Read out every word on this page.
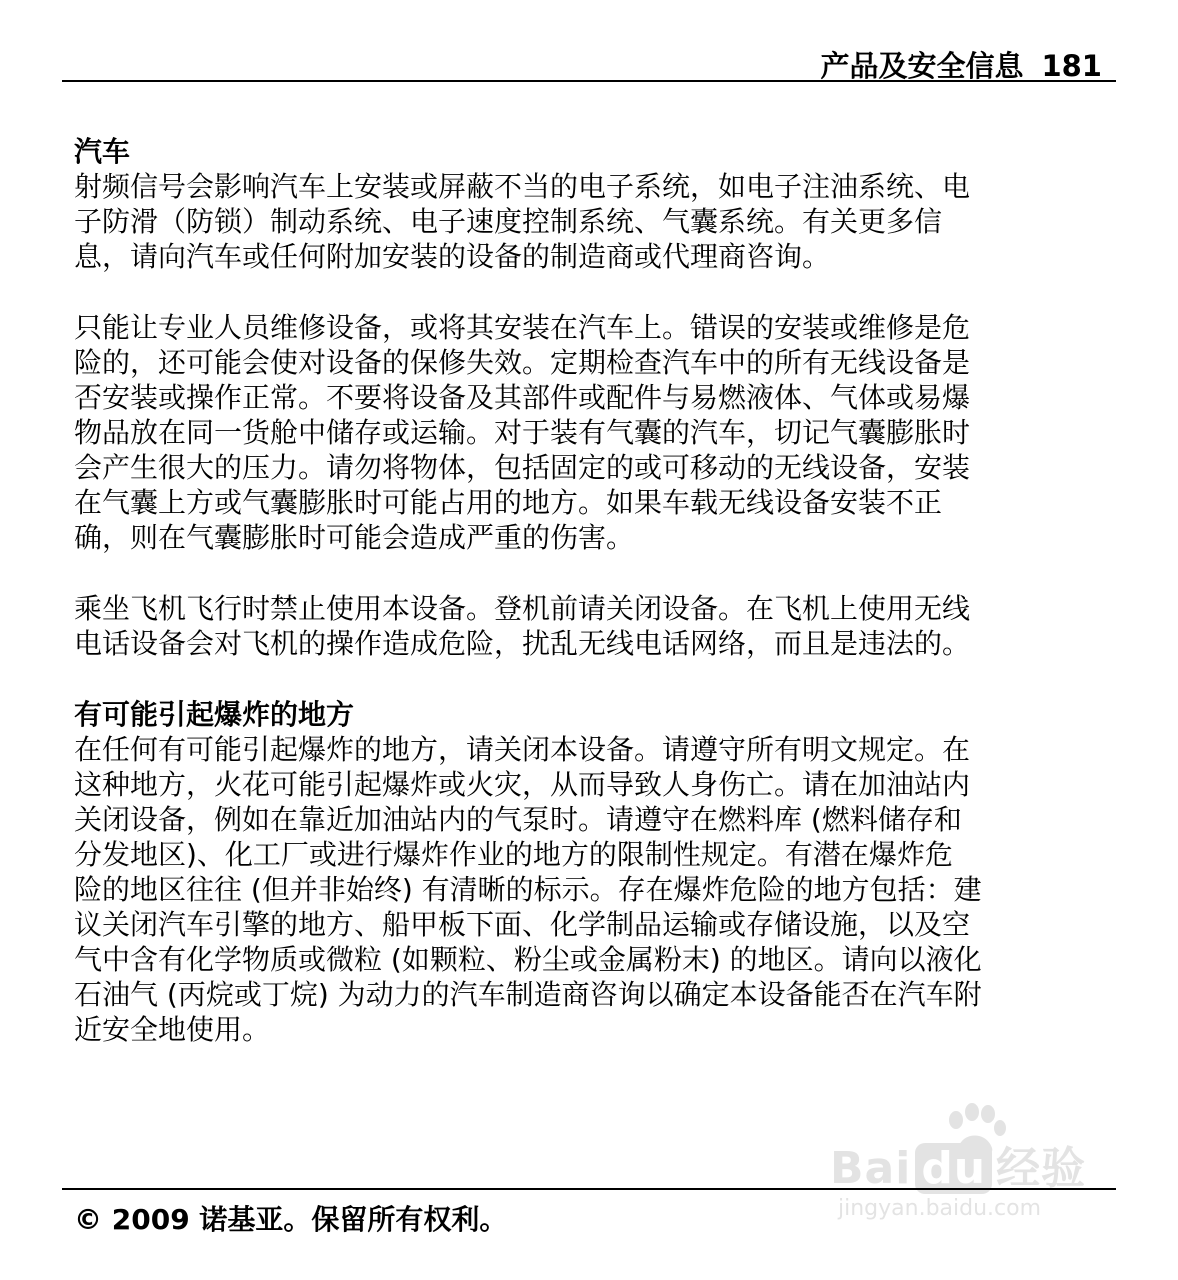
产品及安全信息 181
汽车

射频信号会影响汽车上安装或屏蔽不当的电子系统，如电子注油系统、电
子防滑（防锁）制动系统、电子速度控制系统、气囊系统。有关更多信
息，请向汽车或任何附加安装的设备的制造商或代理商咨询。

只能让专业人员维修设备，或将其安装在汽车上。错误的安装或维修是危
险的，还可能会使对设备的保修失效。定期检查汽车中的所有无线设备是
否安装或操作正常。不要将设备及其部件或配件与易燃液体、气体或易爆
物品放在同一货舱中储存或运输。对于装有气囊的汽车，切记气囊膨胀时
会产生很大的压力。请勿将物体，包括固定的或可移动的无线设备，安装
在气囊上方或气囊膨胀时可能占用的地方。如果车载无线设备安装不正
确，则在气囊膨胀时可能会造成严重的伤害。

乘坐飞机飞行时禁止使用本设备。登机前请关闭设备。在飞机上使用无线
电话设备会对飞机的操作造成危险，扰乱无线电话网络，而且是违法的。

有可能引起爆炸的地方

在任何有可能引起爆炸的地方，请关闭本设备。请遵守所有明文规定。在
这种地方，火花可能引起爆炸或火灾，从而导致人身伤亡。请在加油站内
关闭设备，例如在靠近加油站内的气泵时。请遵守在燃料库 (燃料储存和
分发地区)、化工厂或进行爆炸作业的地方的限制性规定。有潜在爆炸危
险的地区往往 (但并非始终) 有清晰的标示。存在爆炸危险的地方包括：建
议关闭汽车引擎的地方、船甲板下面、化学制品运输或存储设施，以及空
气中含有化学物质或微粒 (如颗粒、粉尘或金属粉末) 的地区。请向以液化
石油气 (丙烷或丁烷) 为动力的汽车制造商咨询以确定本设备能否在汽车附
近安全地使用。

Bai du 经验
jingyan.baidu.com
© 2009 诺基亚。保留所有权利。
